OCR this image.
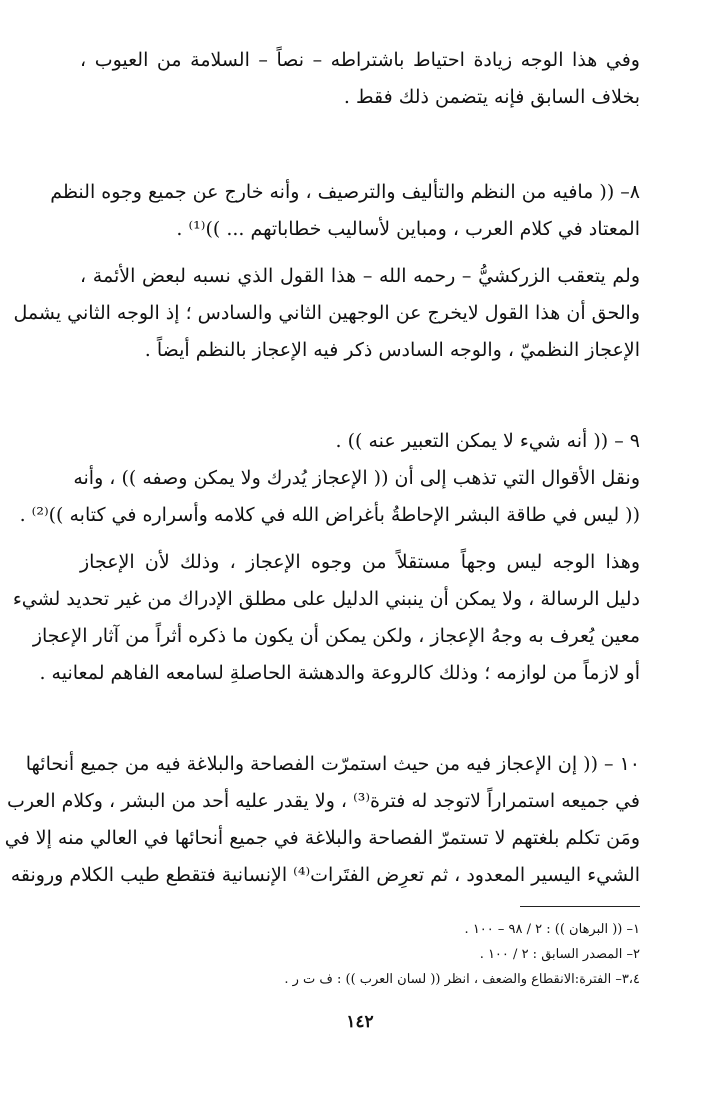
وفي هذا الوجه زيادة احتياط باشتراطه – نصاً – السلامة من العيوب ،
بخلاف السابق فإنه يتضمن ذلك فقط .
٨– (( مافيه من النظم والتأليف والترصيف ، وأنه خارج عن جميع وجوه النظم
المعتاد في كلام العرب ، ومباين لأساليب خطاباتهم ... ))⁽¹⁾ .
ولم يتعقب الزركشيُّ – رحمه الله – هذا القول الذي نسبه لبعض الأئمة ،
والحق أن هذا القول لايخرج عن الوجهين الثاني والسادس ؛ إذ الوجه الثاني يشمل
الإعجاز النظميّ ، والوجه السادس ذكر فيه الإعجاز بالنظم أيضاً .
٩ – (( أنه شيء لا يمكن التعبير عنه )) .
ونقل الأقوال التي تذهب إلى أن (( الإعجاز يُدرك ولا يمكن وصفه )) ، وأنه
(( ليس في طاقة البشر الإحاطةُ بأغراض الله في كلامه وأسراره في كتابه ))⁽²⁾ .
وهذا الوجه ليس وجهاً مستقلاً من وجوه الإعجاز ، وذلك لأن الإعجاز
دليل الرسالة ، ولا يمكن أن ينبني الدليل على مطلق الإدراك من غير تحديد لشيء
معين يُعرف به وجهُ الإعجاز ، ولكن يمكن أن يكون ما ذكره أثراً من آثار الإعجاز
أو لازماً من لوازمه ؛ وذلك كالروعة والدهشة الحاصلةِ لسامعه الفاهم لمعانيه .
١٠ – (( إن الإعجاز فيه من حيث استمرّت الفصاحة والبلاغة فيه من جميع أنحائها
في جميعه استمراراً لاتوجد له فترة⁽³⁾ ، ولا يقدر عليه أحد من البشر ، وكلام العرب
ومَن تكلم بلغتهم لا تستمرّ الفصاحة والبلاغة في جميع أنحائها في العالي منه إلا في
الشيء اليسير المعدود ، ثم تعرِض الفتَرات⁽⁴⁾ الإنسانية فتقطع طيب الكلام ورونقه
١– (( البرهان )) : ٢ / ٩٨ – ١٠٠ .
٢– المصدر السابق : ٢ / ١٠٠ .
٣،٤– الفترة:الانقطاع والضعف ، انظر (( لسان العرب )) : ف ت ر .
١٤٢
